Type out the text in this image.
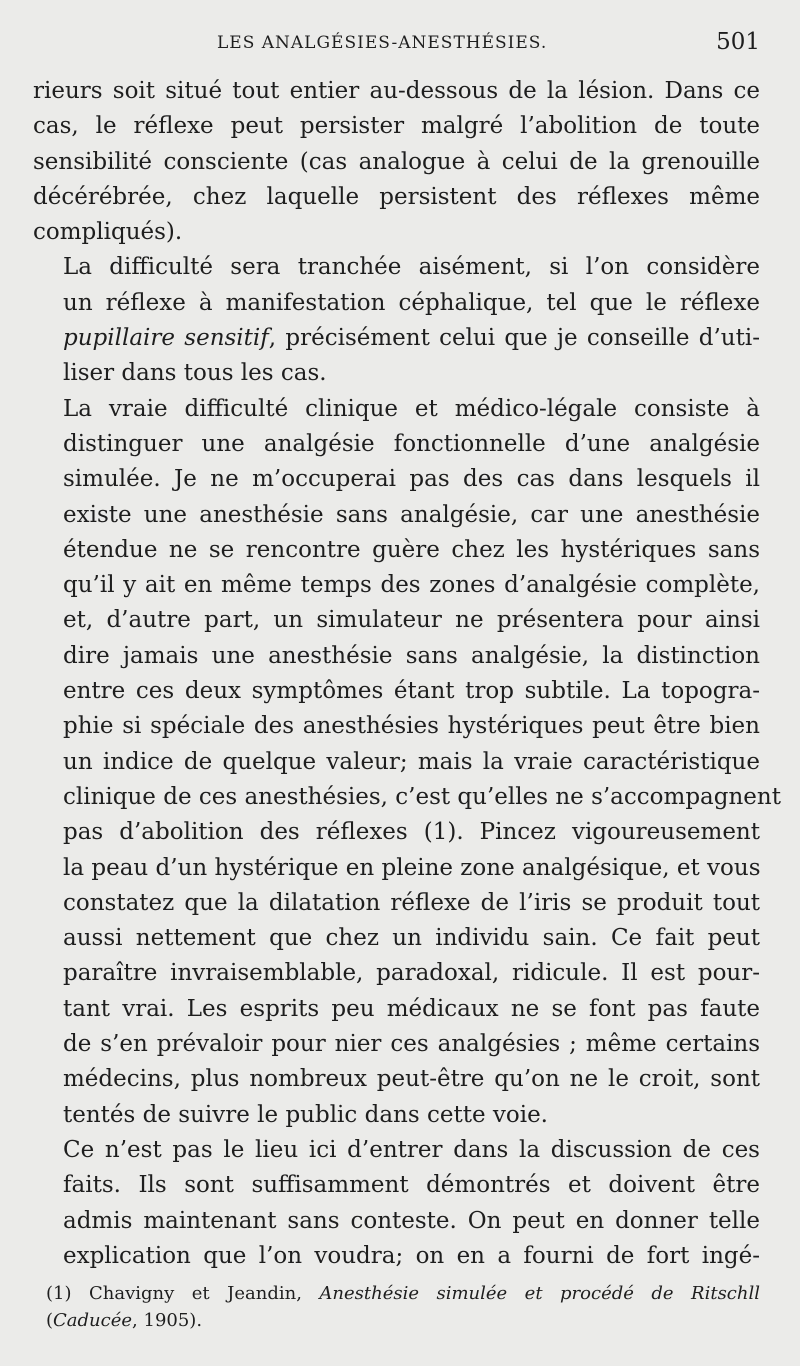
LES ANALGÉSIES-ANESTHÉSIES.	501

rieurs soit situé tout entier au-dessous de la lésion. Dans ce
cas, le réflexe peut persister malgré l’abolition de toute
sensibilité consciente (cas analogue à celui de la grenouille
décérébrée, chez laquelle persistent des réflexes même
compliqués).

La difficulté sera tranchée aisément, si l’on considère
un réflexe à manifestation céphalique, tel que le réflexe
pupillaire sensitif, précisément celui que je conseille d’uti-
liser dans tous les cas.

La vraie difficulté clinique et médico-légale consiste à
distinguer une analgésie fonctionnelle d’une analgésie
simulée. Je ne m’occuperai pas des cas dans lesquels il
existe une anesthésie sans analgésie, car une anesthésie
étendue ne se rencontre guère chez les hystériques sans
qu’il y ait en même temps des zones d’analgésie complète,
et, d’autre part, un simulateur ne présentera pour ainsi
dire jamais une anesthésie sans analgésie, la distinction
entre ces deux symptômes étant trop subtile. La topogra-
phie si spéciale des anesthésies hystériques peut être bien
un indice de quelque valeur; mais la vraie caractéristique
clinique de ces anesthésies, c’est qu’elles ne s’accompagnent
pas d’abolition des réflexes (1). Pincez vigoureusement
la peau d’un hystérique en pleine zone analgésique, et vous
constatez que la dilatation réflexe de l’iris se produit tout
aussi nettement que chez un individu sain. Ce fait peut
paraître invraisemblable, paradoxal, ridicule. Il est pour-
tant vrai. Les esprits peu médicaux ne se font pas faute
de s’en prévaloir pour nier ces analgésies ; même certains
médecins, plus nombreux peut-être qu’on ne le croit, sont
tentés de suivre le public dans cette voie.

Ce n’est pas le lieu ici d’entrer dans la discussion de ces
faits. Ils sont suffisamment démontrés et doivent être
admis maintenant sans conteste. On peut en donner telle
explication que l’on voudra; on en a fourni de fort ingé-

(1) Chavigny et Jeandin, Anesthésie simulée et procédé de Ritschll
(Caducée, 1905).
